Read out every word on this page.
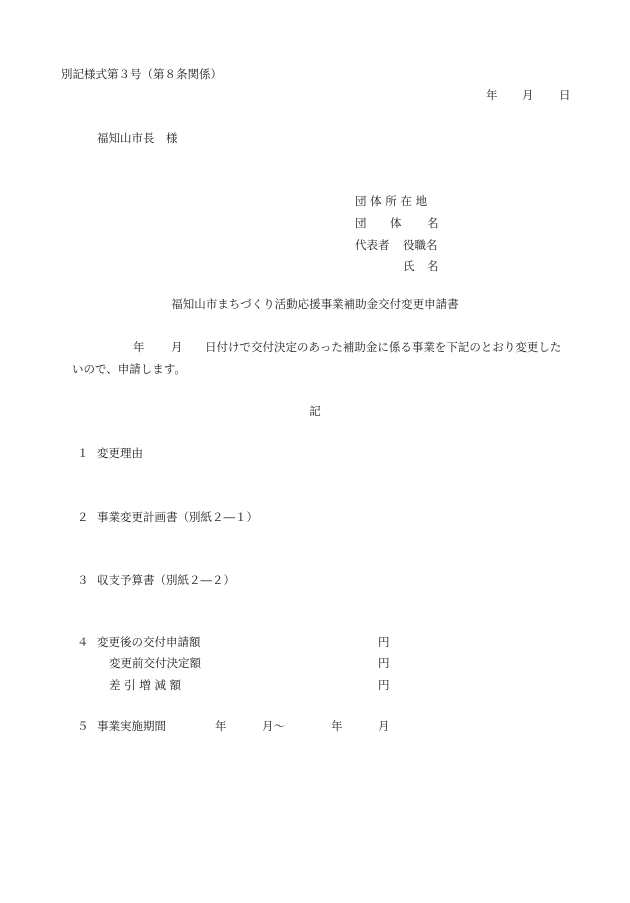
別記様式第３号（第８条関係）
年 月 日
福知山市長　様
団 体 所 在 地
団 体 名
代表者 役職名
氏 名
福知山市まちづくり活動応援事業補助金交付変更申請書
年 月 日付けで交付決定のあった補助金に係る事業を下記のとおり変更した
いので、申請します。
記
１ 変更理由
２ 事業変更計画書（別紙２―１）
３ 収支予算書（別紙２―２）
４ 変更後の交付申請額	円
変更前交付決定額	円
差 引 増 減 額	円
５ 事業実施期間	年	月～	年	月
